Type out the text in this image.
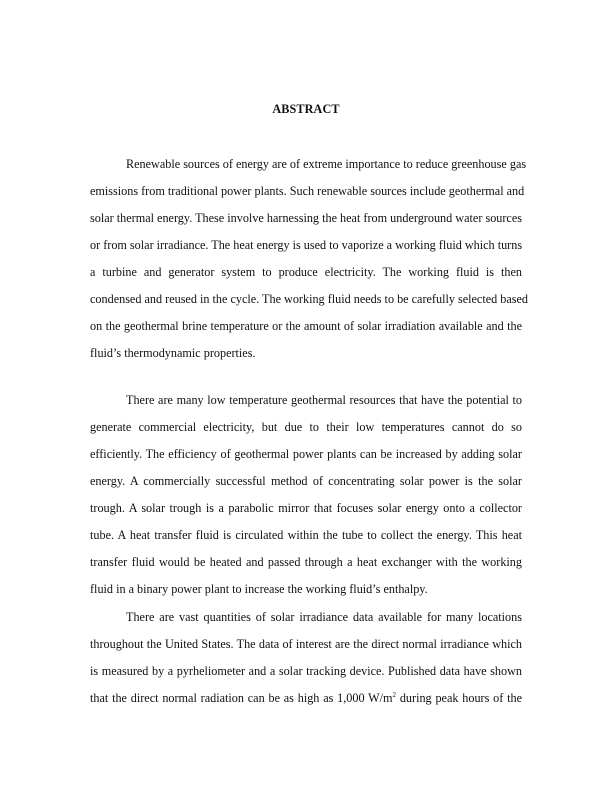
ABSTRACT
Renewable sources of energy are of extreme importance to reduce greenhouse gas
emissions from traditional power plants. Such renewable sources include geothermal and
solar thermal energy. These involve harnessing the heat from underground water sources
or from solar irradiance. The heat energy is used to vaporize a working fluid which turns
a turbine and generator system to produce electricity. The working fluid is then
condensed and reused in the cycle. The working fluid needs to be carefully selected based
on the geothermal brine temperature or the amount of solar irradiation available and the
fluid’s thermodynamic properties.
There are many low temperature geothermal resources that have the potential to
generate commercial electricity, but due to their low temperatures cannot do so
efficiently. The efficiency of geothermal power plants can be increased by adding solar
energy. A commercially successful method of concentrating solar power is the solar
trough. A solar trough is a parabolic mirror that focuses solar energy onto a collector
tube. A heat transfer fluid is circulated within the tube to collect the energy. This heat
transfer fluid would be heated and passed through a heat exchanger with the working
fluid in a binary power plant to increase the working fluid’s enthalpy.
There are vast quantities of solar irradiance data available for many locations
throughout the United States. The data of interest are the direct normal irradiance which
is measured by a pyrheliometer and a solar tracking device. Published data have shown
that the direct normal radiation can be as high as 1,000 $W/m^2$ during peak hours of the
